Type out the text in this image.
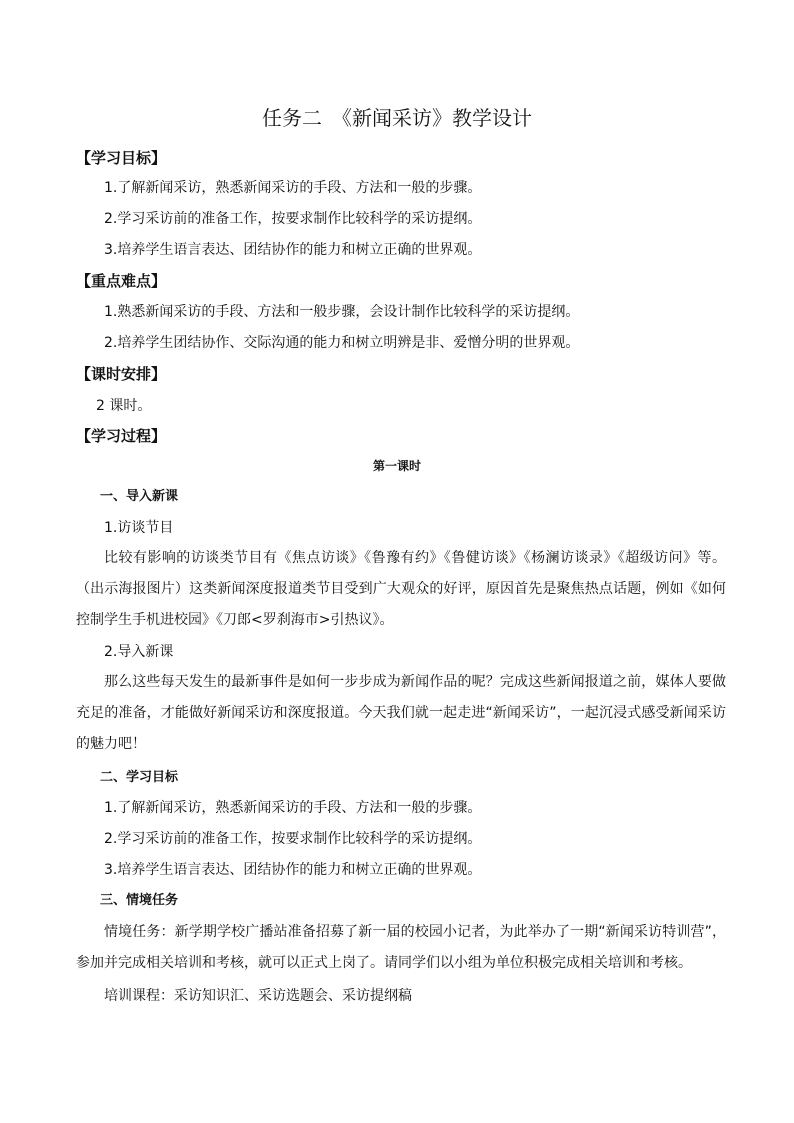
任务二　《新闻采访》教学设计
【学习目标】
1.了解新闻采访，熟悉新闻采访的手段、方法和一般的步骤。
2.学习采访前的准备工作，按要求制作比较科学的采访提纲。
3.培养学生语言表达、团结协作的能力和树立正确的世界观。
【重点难点】
1.熟悉新闻采访的手段、方法和一般步骤，会设计制作比较科学的采访提纲。
2.培养学生团结协作、交际沟通的能力和树立明辨是非、爱憎分明的世界观。
【课时安排】
2 课时。
【学习过程】
第一课时
一、导入新课
1.访谈节目
比较有影响的访谈类节目有《焦点访谈》《鲁豫有约》《鲁健访谈》《杨澜访谈录》《超级访问》等。（出示海报图片）这类新闻深度报道类节目受到广大观众的好评，原因首先是聚焦热点话题，例如《如何控制学生手机进校园》《刀郎<罗刹海市>引热议》。
2.导入新课
那么这些每天发生的最新事件是如何一步步成为新闻作品的呢？完成这些新闻报道之前，媒体人要做充足的准备，才能做好新闻采访和深度报道。今天我们就一起走进“新闻采访”，一起沉浸式感受新闻采访的魅力吧！
二、学习目标
1.了解新闻采访，熟悉新闻采访的手段、方法和一般的步骤。
2.学习采访前的准备工作，按要求制作比较科学的采访提纲。
3.培养学生语言表达、团结协作的能力和树立正确的世界观。
三、情境任务
情境任务：新学期学校广播站准备招募了新一届的校园小记者，为此举办了一期“新闻采访特训营”，参加并完成相关培训和考核，就可以正式上岗了。请同学们以小组为单位积极完成相关培训和考核。
培训课程：采访知识汇、采访选题会、采访提纲稿
